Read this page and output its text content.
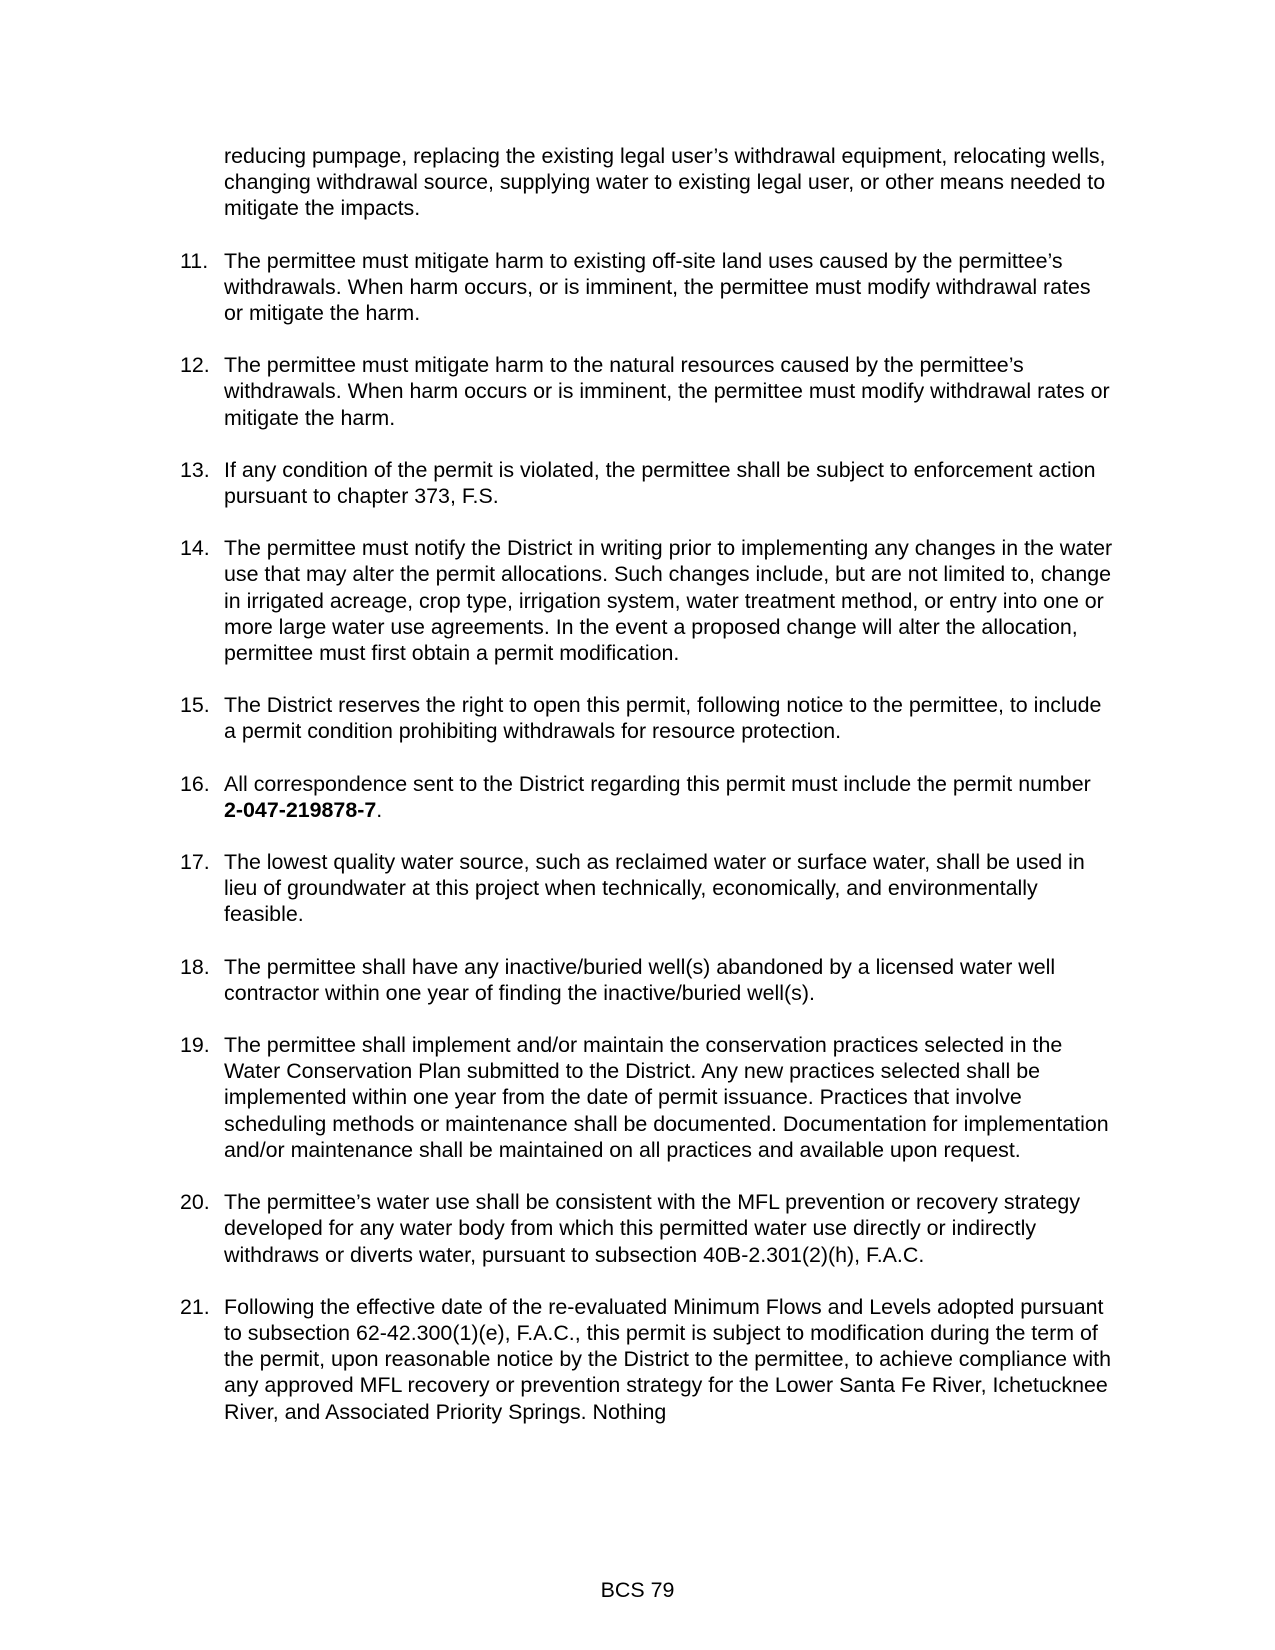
reducing pumpage, replacing the existing legal user’s withdrawal equipment, relocating wells, changing withdrawal source, supplying water to existing legal user, or other means needed to mitigate the impacts.
11. The permittee must mitigate harm to existing off-site land uses caused by the permittee’s withdrawals. When harm occurs, or is imminent, the permittee must modify withdrawal rates or mitigate the harm.
12. The permittee must mitigate harm to the natural resources caused by the permittee’s withdrawals. When harm occurs or is imminent, the permittee must modify withdrawal rates or mitigate the harm.
13. If any condition of the permit is violated, the permittee shall be subject to enforcement action pursuant to chapter 373, F.S.
14. The permittee must notify the District in writing prior to implementing any changes in the water use that may alter the permit allocations. Such changes include, but are not limited to, change in irrigated acreage, crop type, irrigation system, water treatment method, or entry into one or more large water use agreements. In the event a proposed change will alter the allocation, permittee must first obtain a permit modification.
15. The District reserves the right to open this permit, following notice to the permittee, to include a permit condition prohibiting withdrawals for resource protection.
16. All correspondence sent to the District regarding this permit must include the permit number 2-047-219878-7.
17. The lowest quality water source, such as reclaimed water or surface water, shall be used in lieu of groundwater at this project when technically, economically, and environmentally feasible.
18. The permittee shall have any inactive/buried well(s) abandoned by a licensed water well contractor within one year of finding the inactive/buried well(s).
19. The permittee shall implement and/or maintain the conservation practices selected in the Water Conservation Plan submitted to the District. Any new practices selected shall be implemented within one year from the date of permit issuance. Practices that involve scheduling methods or maintenance shall be documented. Documentation for implementation and/or maintenance shall be maintained on all practices and available upon request.
20. The permittee’s water use shall be consistent with the MFL prevention or recovery strategy developed for any water body from which this permitted water use directly or indirectly withdraws or diverts water, pursuant to subsection 40B-2.301(2)(h), F.A.C.
21. Following the effective date of the re-evaluated Minimum Flows and Levels adopted pursuant to subsection 62-42.300(1)(e), F.A.C., this permit is subject to modification during the term of the permit, upon reasonable notice by the District to the permittee, to achieve compliance with any approved MFL recovery or prevention strategy for the Lower Santa Fe River, Ichetucknee River, and Associated Priority Springs. Nothing
BCS 79
